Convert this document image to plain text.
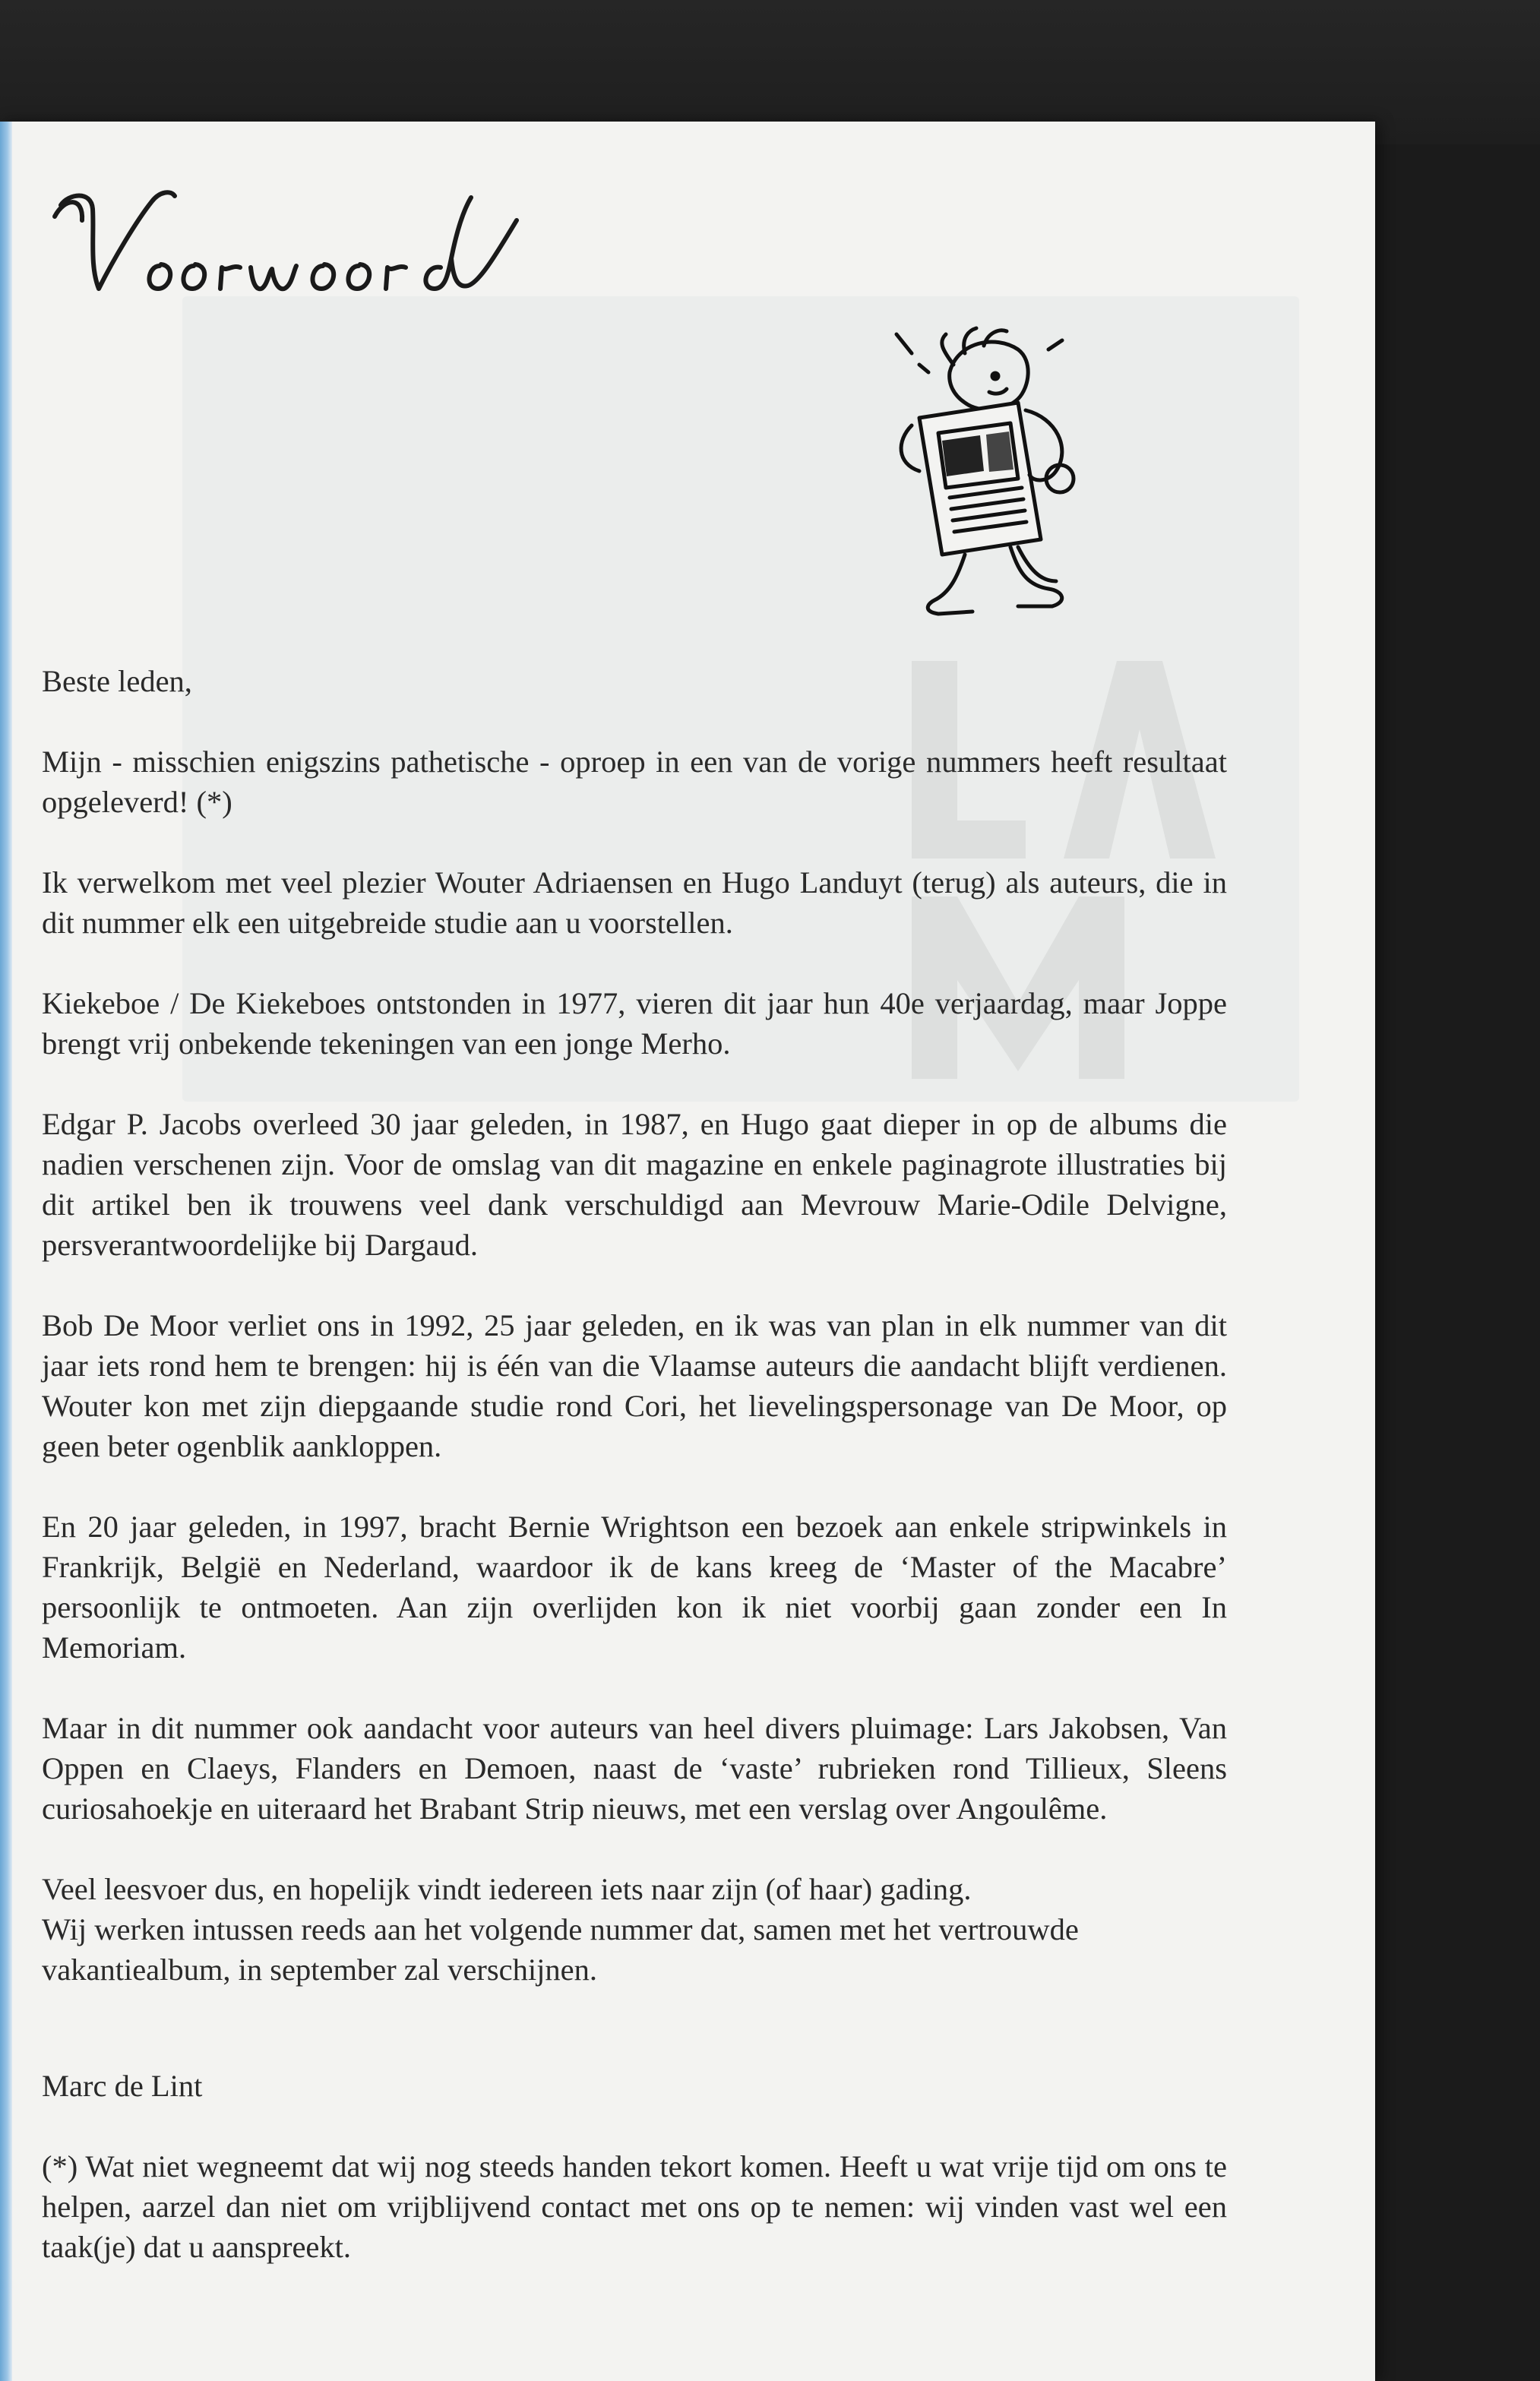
Beste leden,

Mijn - misschien enigszins pathetische - oproep in een van de vorige nummers heeft resultaat opgeleverd! (*)

Ik verwelkom met veel plezier Wouter Adriaensen en Hugo Landuyt (terug) als auteurs, die in dit nummer elk een uitgebreide studie aan u voorstellen.

Kiekeboe / De Kiekeboes ontstonden in 1977, vieren dit jaar hun 40e verjaardag, maar Joppe brengt vrij onbekende tekeningen van een jonge Merho.

Edgar P. Jacobs overleed 30 jaar geleden, in 1987, en Hugo gaat dieper in op de albums die nadien verschenen zijn. Voor de omslag van dit magazine en enkele paginagrote illustraties bij dit artikel ben ik trouwens veel dank verschuldigd aan Mevrouw Marie-Odile Delvigne, persverantwoordelijke bij Dargaud.

Bob De Moor verliet ons in 1992, 25 jaar geleden, en ik was van plan in elk nummer van dit jaar iets rond hem te brengen: hij is één van die Vlaamse auteurs die aandacht blijft verdienen. Wouter kon met zijn diepgaande studie rond Cori, het lievelingspersonage van De Moor, op geen beter ogenblik aankloppen.

En 20 jaar geleden, in 1997, bracht Bernie Wrightson een bezoek aan enkele stripwinkels in Frankrijk, België en Nederland, waardoor ik de kans kreeg de ‘Master of the Macabre’ persoonlijk te ontmoeten. Aan zijn overlijden kon ik niet voorbij gaan zonder een In Memoriam.

Maar in dit nummer ook aandacht voor auteurs van heel divers pluimage: Lars Jakobsen, Van Oppen en Claeys, Flanders en Demoen, naast de ‘vaste’ rubrieken rond Tillieux, Sleens curiosahoekje en uiteraard het Brabant Strip nieuws, met een verslag over Angoulême.

Veel leesvoer dus, en hopelijk vindt iedereen iets naar zijn (of haar) gading.

Wij werken intussen reeds aan het volgende nummer dat, samen met het vertrouwde vakantiealbum, in september zal verschijnen.

Marc de Lint

(*) Wat niet wegneemt dat wij nog steeds handen tekort komen. Heeft u wat vrije tijd om ons te helpen, aarzel dan niet om vrijblijvend contact met ons op te nemen: wij vinden vast wel een taak(je) dat u aanspreekt.
